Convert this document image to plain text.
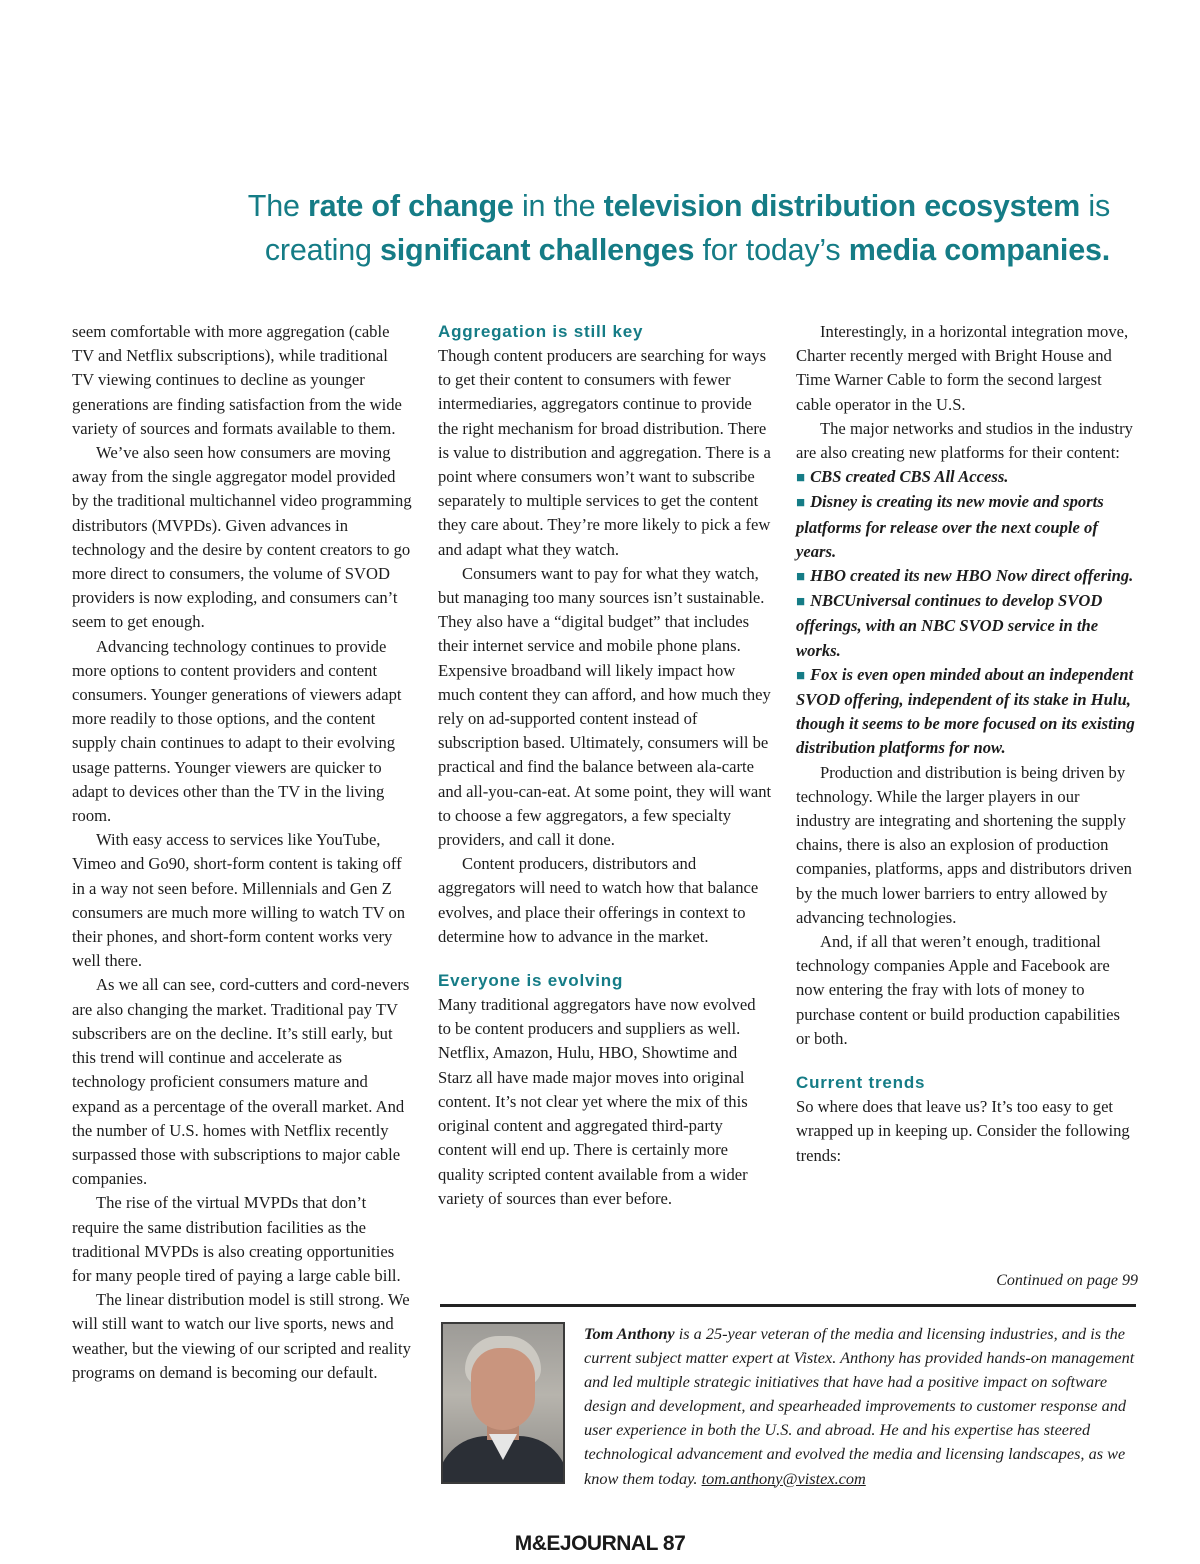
The rate of change in the television distribution ecosystem is
creating significant challenges for today’s media companies.

seem comfortable with more aggregation (cable TV and Netflix subscriptions), while traditional TV viewing continues to decline as younger generations are finding satisfaction from the wide variety of sources and formats available to them.

We’ve also seen how consumers are moving away from the single aggregator model provided by the traditional multichannel video programming distributors (MVPDs). Given advances in technology and the desire by content creators to go more direct to consumers, the volume of SVOD providers is now exploding, and consumers can’t seem to get enough.

Advancing technology continues to provide more options to content providers and content consumers. Younger generations of viewers adapt more readily to those options, and the content supply chain continues to adapt to their evolving usage patterns. Younger viewers are quicker to adapt to devices other than the TV in the living room.

With easy access to services like YouTube, Vimeo and Go90, short-form content is taking off in a way not seen before. Millennials and Gen Z consumers are much more willing to watch TV on their phones, and short-form content works very well there.

As we all can see, cord-cutters and cord-nevers are also changing the market. Traditional pay TV subscribers are on the decline. It’s still early, but this trend will continue and accelerate as technology proficient consumers mature and expand as a percentage of the overall market. And the number of U.S. homes with Netflix recently surpassed those with subscriptions to major cable companies.

The rise of the virtual MVPDs that don’t require the same distribution facilities as the traditional MVPDs is also creating opportunities for many people tired of paying a large cable bill.

The linear distribution model is still strong. We will still want to watch our live sports, news and weather, but the viewing of our scripted and reality programs on demand is becoming our default.

Aggregation is still key

Though content producers are searching for ways to get their content to consumers with fewer intermediaries, aggregators continue to provide the right mechanism for broad distribution. There is value to distribution and aggregation. There is a point where consumers won’t want to subscribe separately to multiple services to get the content they care about. They’re more likely to pick a few and adapt what they watch.

Consumers want to pay for what they watch, but managing too many sources isn’t sustainable. They also have a “digital budget” that includes their internet service and mobile phone plans. Expensive broadband will likely impact how much content they can afford, and how much they rely on ad-supported content instead of subscription based. Ultimately, consumers will be practical and find the balance between ala-carte and all-you-can-eat. At some point, they will want to choose a few aggregators, a few specialty providers, and call it done.

Content producers, distributors and aggregators will need to watch how that balance evolves, and place their offerings in context to determine how to advance in the market.

Everyone is evolving

Many traditional aggregators have now evolved to be content producers and suppliers as well. Netflix, Amazon, Hulu, HBO, Showtime and Starz all have made major moves into original content. It’s not clear yet where the mix of this original content and aggregated third-party content will end up. There is certainly more quality scripted content available from a wider variety of sources than ever before.

Interestingly, in a horizontal integration move, Charter recently merged with Bright House and Time Warner Cable to form the second largest cable operator in the U.S.

The major networks and studios in the industry are also creating new platforms for their content:

■ CBS created CBS All Access.

■ Disney is creating its new movie and sports platforms for release over the next couple of years.

■ HBO created its new HBO Now direct offering.

■ NBCUniversal continues to develop SVOD offerings, with an NBC SVOD service in the works.

■ Fox is even open minded about an independent SVOD offering, independent of its stake in Hulu, though it seems to be more focused on its existing distribution platforms for now.

Production and distribution is being driven by technology. While the larger players in our industry are integrating and shortening the supply chains, there is also an explosion of production companies, platforms, apps and distributors driven by the much lower barriers to entry allowed by advancing technologies.

And, if all that weren’t enough, traditional technology companies Apple and Facebook are now entering the fray with lots of money to purchase content or build production capabilities or both.

Current trends

So where does that leave us? It’s too easy to get wrapped up in keeping up. Consider the following trends:

Continued on page 99

Tom Anthony is a 25-year veteran of the media and licensing industries, and is the current subject matter expert at Vistex. Anthony has provided hands-on management and led multiple strategic initiatives that have had a positive impact on software design and development, and spearheaded improvements to customer response and user experience in both the U.S. and abroad. He and his expertise has steered technological advancement and evolved the media and licensing landscapes, as we know them today. tom.anthony@vistex.com

M&EJOURNAL 87
